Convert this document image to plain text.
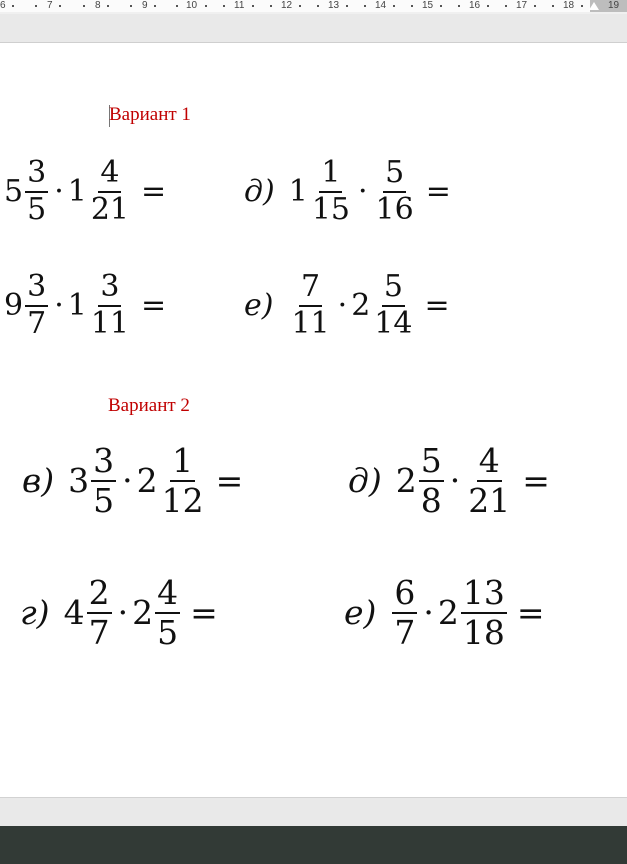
6	7	8	9	10	11	12	13	14	15	16	17	18	19
Вариант 1
Вариант 2
$5 \frac{3}{5} \cdot 1 \frac{4}{21}$ =	д) $1 \frac{1}{15} \cdot \frac{5}{16}$ =
$9 \frac{3}{7} \cdot 1 \frac{3}{11}$ =	$е) \frac{7}{11} \cdot 2 \frac{5}{14}$ =
в) $3 \frac{3}{5} \cdot 2 \frac{1}{12}$ =	д) $2 \frac{5}{8} \cdot \frac{4}{21}$ =
г) $4 \frac{2}{7} \cdot 2 \frac{4}{5}$ =	$е) \frac{6}{7} \cdot 2 \frac{13}{18}$ =
